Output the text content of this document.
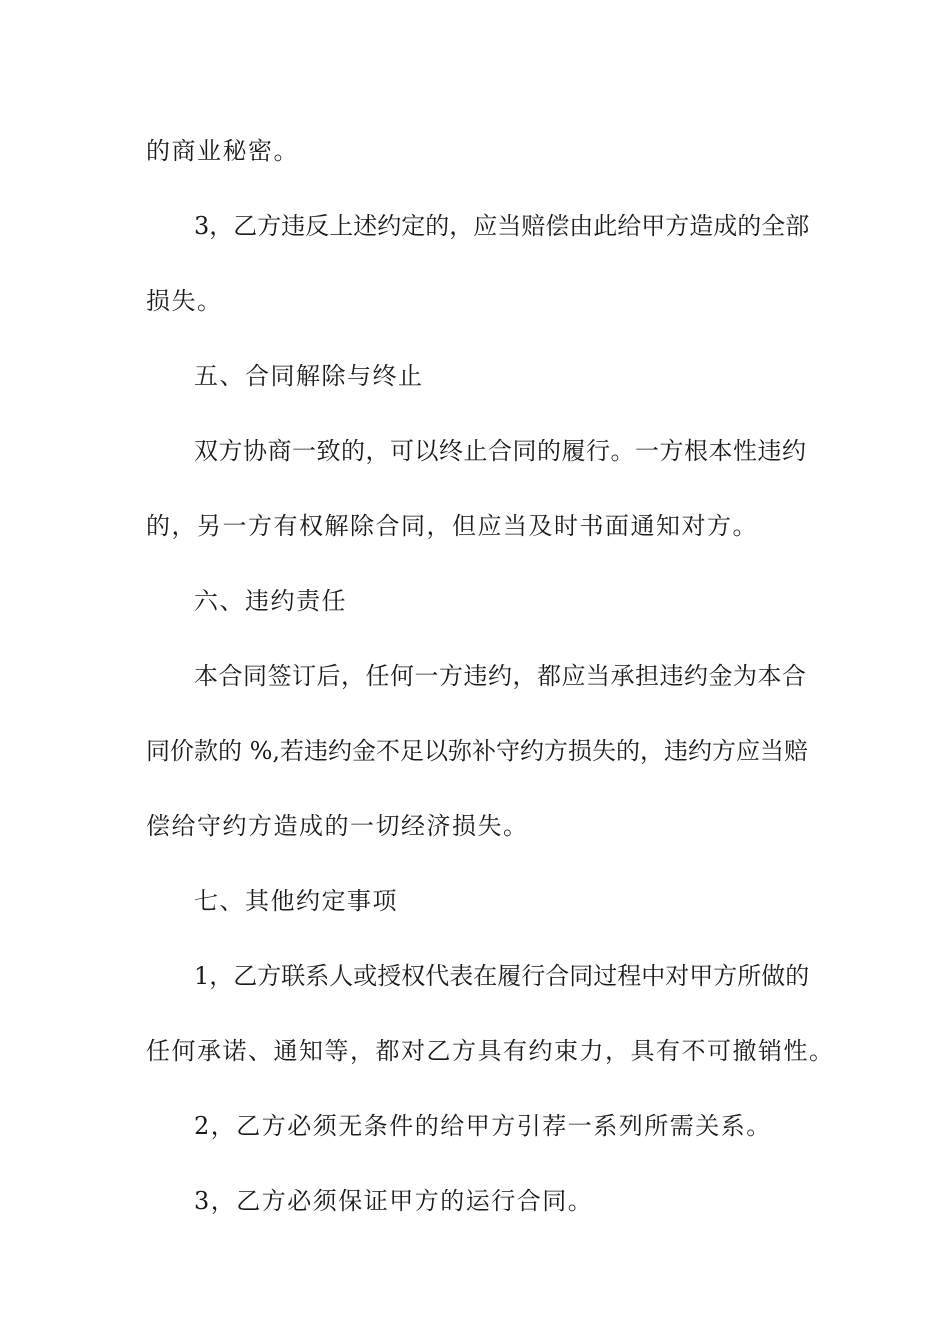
的商业秘密。
3，乙方违反上述约定的，应当赔偿由此给甲方造成的全部
损失。
五、合同解除与终止
双方协商一致的，可以终止合同的履行。一方根本性违约
的，另一方有权解除合同，但应当及时书面通知对方。
六、违约责任
本合同签订后，任何一方违约，都应当承担违约金为本合
同价款的 %,若违约金不足以弥补守约方损失的，违约方应当赔
偿给守约方造成的一切经济损失。
七、其他约定事项
1，乙方联系人或授权代表在履行合同过程中对甲方所做的
任何承诺、通知等，都对乙方具有约束力，具有不可撤销性。
2，乙方必须无条件的给甲方引荐一系列所需关系。
3，乙方必须保证甲方的运行合同。
